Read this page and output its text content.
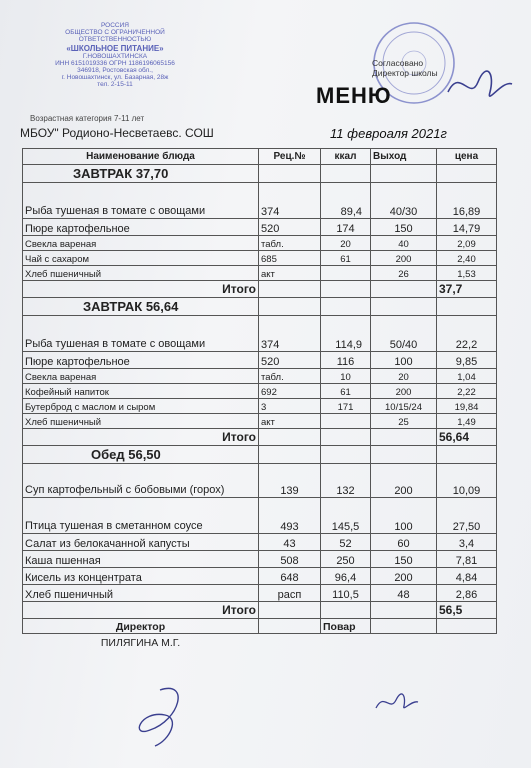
РОССИЯ
ОБЩЕСТВО С ОГРАНИЧЕННОЙ
ОТВЕТСТВЕННОСТЬЮ
«ШКОЛЬНОЕ ПИТАНИЕ»
Г.НОВОШАХТИНСКА
ИНН 6151019336 ОГРН 1186196065156
346918, Ростовская обл.,
г. Новошахтинск, ул. Базарная, 28ж
тел. 2-15-11
Согласовано
Директор школы
МЕНЮ
Возрастная категория 7-11 лет
МБОУ" Родионо-Несветаевс. СОШ	11 февроаля 2021г
Наименование блюда	Рец.№	ккал	Выход	цена
ЗАВТРАК 37,70				
Рыба тушеная в томате с овощами	374	89,4	40/30	16,89
Пюре картофельное	520	174	150	14,79
Свекла вареная	табл.	20	40	2,09
Чай с сахаром	685	61	200	2,40
Хлеб пшеничный	акт		26	1,53
Итого				37,7
ЗАВТРАК 56,64				
Рыба тушеная в томате с овощами	374	114,9	50/40	22,2
Пюре картофельное	520	116	100	9,85
Свекла вареная	табл.	10	20	1,04
Кофейный напиток	692	61	200	2,22
Бутерброд с маслом и сыром	3	171	10/15/24	19,84
Хлеб пшеничный	акт		25	1,49
Итого				56,64
Обед 56,50				
Суп картофельный с бобовыми (горох)	139	132	200	10,09
Птица тушеная в сметанном соусе	493	145,5	100	27,50
Салат из белокачанной капусты	43	52	60	3,4
Каша пшенная	508	250	150	7,81
Кисель из концентрата	648	96,4	200	4,84
Хлеб пшеничный	расп	110,5	48	2,86
Итого				56,5
Директор		Повар		
ПИЛЯГИНА М.Г.				
